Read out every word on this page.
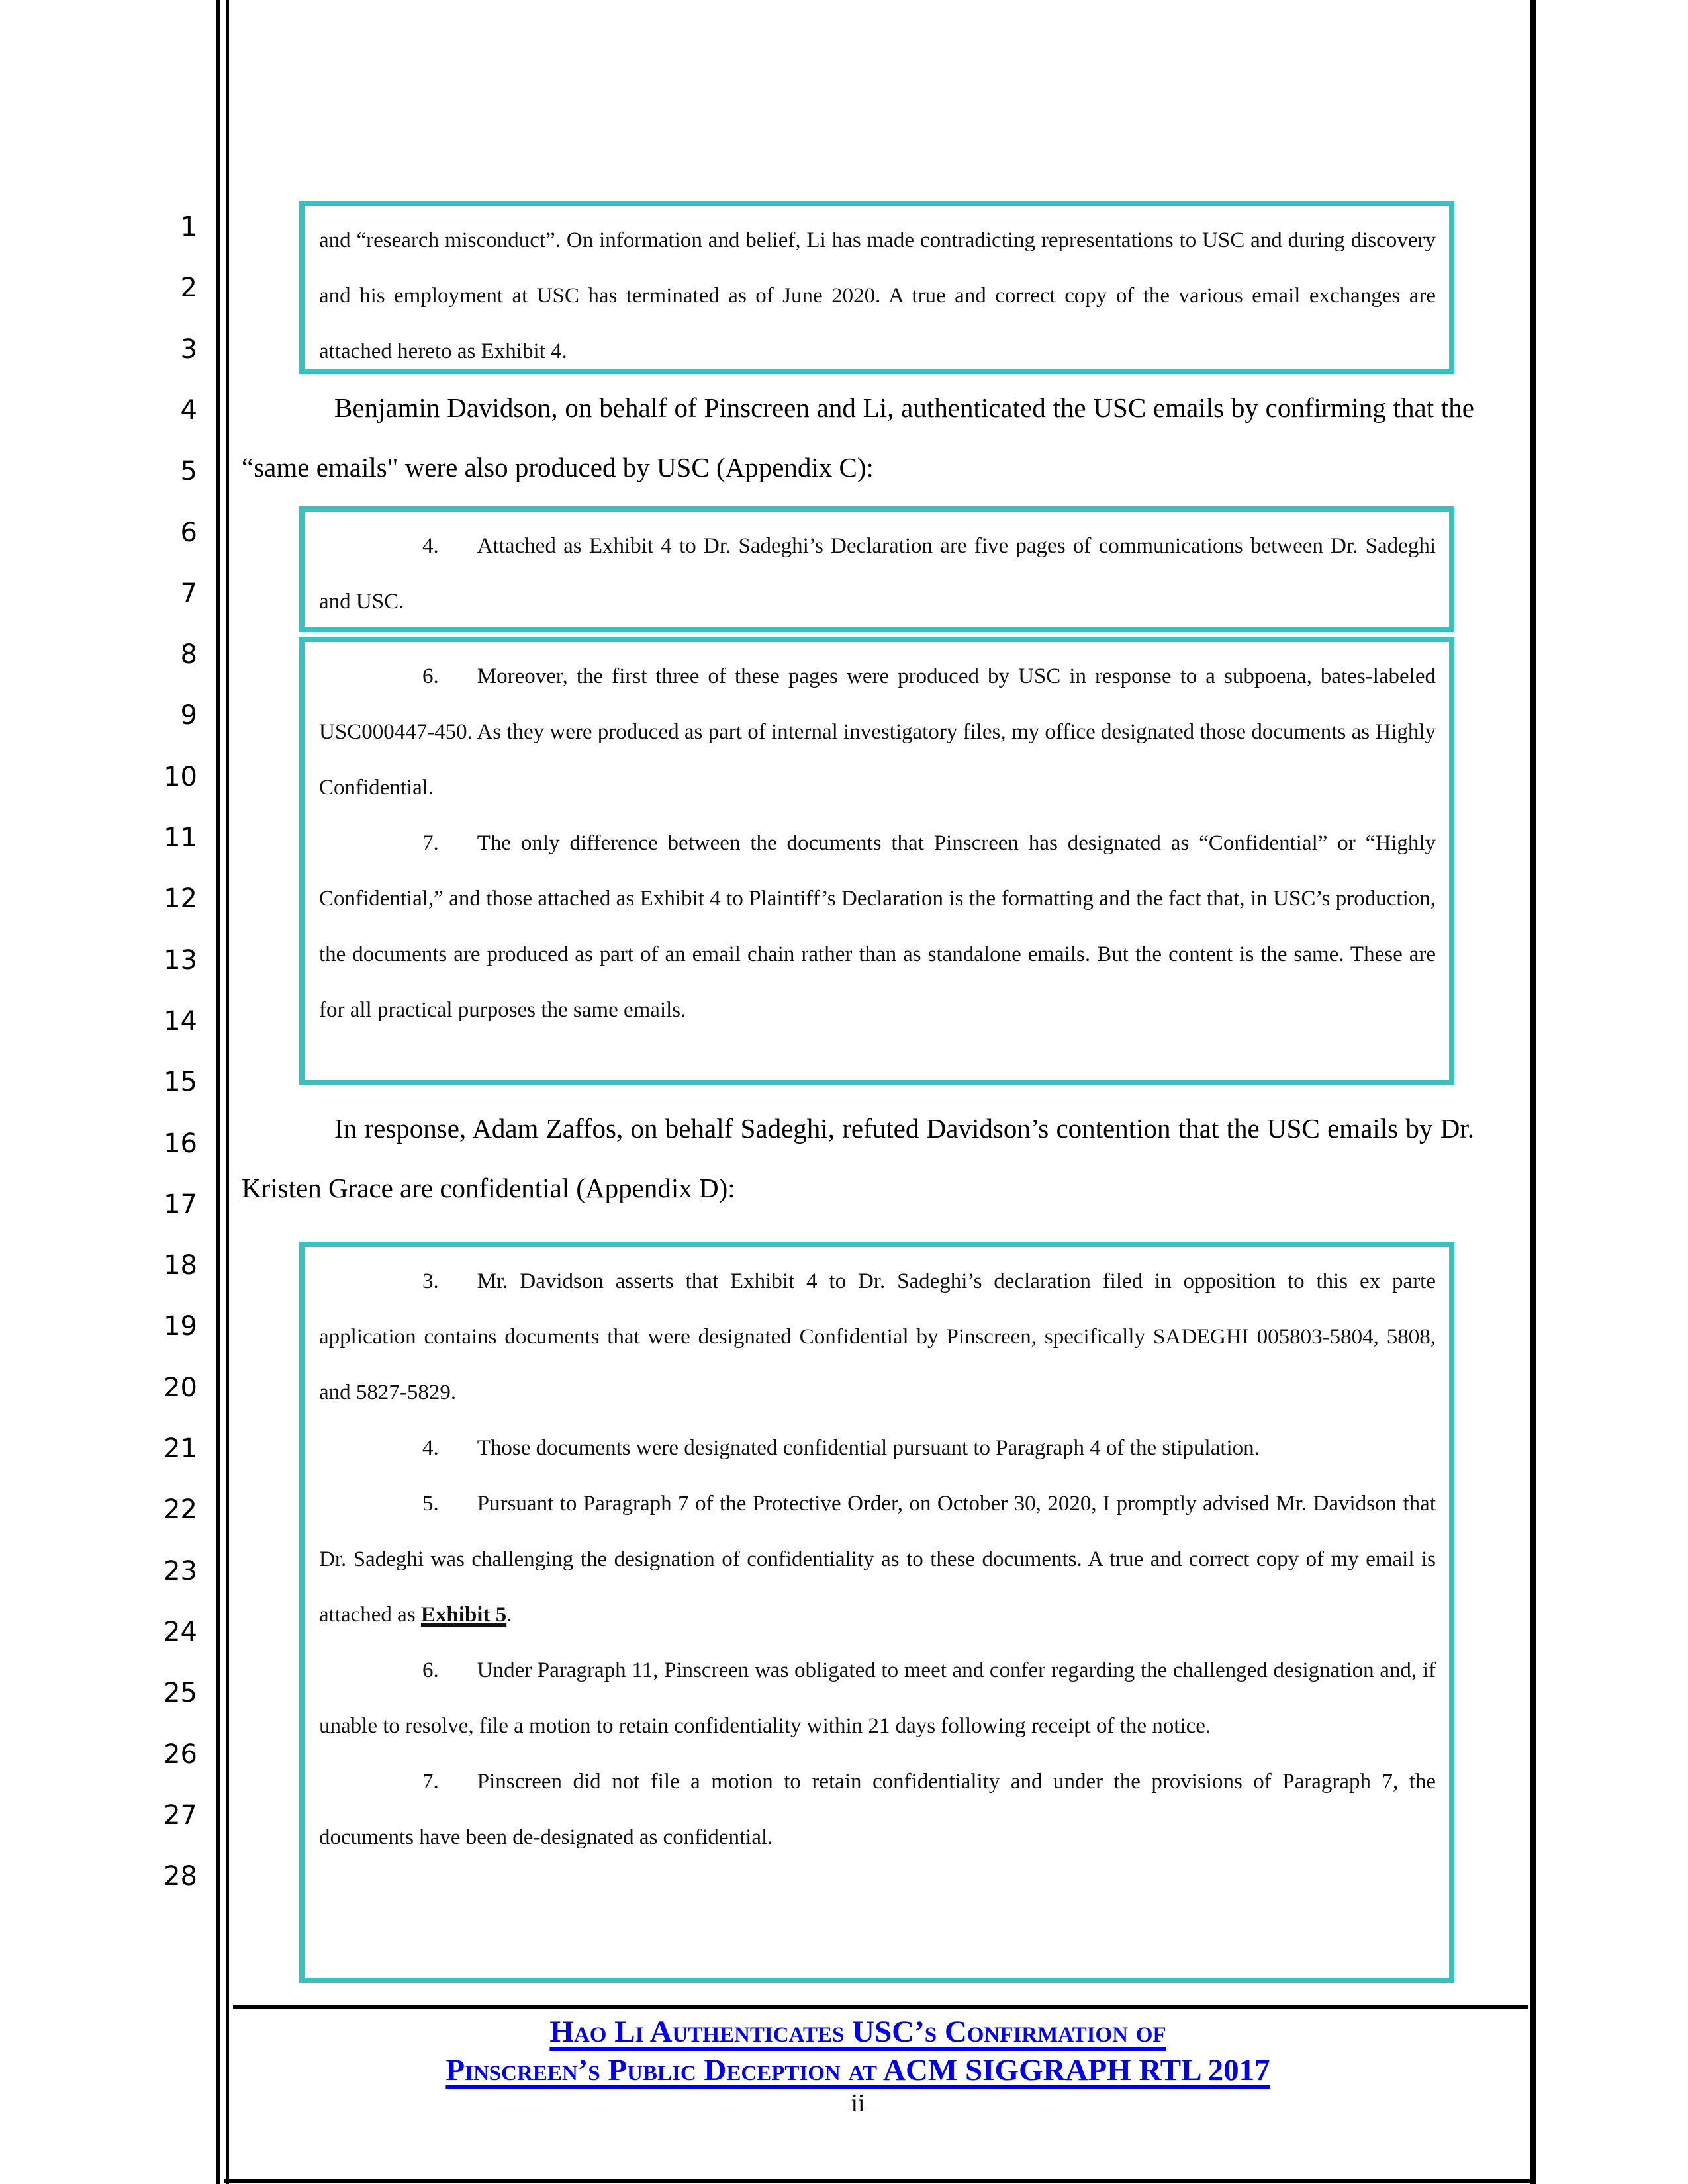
1
2
3
4
5
6
7
8
9
10
11
12
13
14
15
16
17
18
19
20
21
22
23
24
25
26
27
28

and “research misconduct”. On information and belief, Li has made contradicting representations to USC and during discovery and his employment at USC has terminated as of June 2020. A true and correct copy of the various email exchanges are attached hereto as Exhibit 4.

Benjamin Davidson, on behalf of Pinscreen and Li, authenticated the USC emails by confirming that the “same emails" were also produced by USC (Appendix C):

4. Attached as Exhibit 4 to Dr. Sadeghi’s Declaration are five pages of communications between Dr. Sadeghi and USC.

6. Moreover, the first three of these pages were produced by USC in response to a subpoena, bates-labeled USC000447-450. As they were produced as part of internal investigatory files, my office designated those documents as Highly Confidential.

7. The only difference between the documents that Pinscreen has designated as “Confidential” or “Highly Confidential,” and those attached as Exhibit 4 to Plaintiff’s Declaration is the formatting and the fact that, in USC’s production, the documents are produced as part of an email chain rather than as standalone emails. But the content is the same. These are for all practical purposes the same emails.

In response, Adam Zaffos, on behalf Sadeghi, refuted Davidson’s contention that the USC emails by Dr. Kristen Grace are confidential (Appendix D):

3. Mr. Davidson asserts that Exhibit 4 to Dr. Sadeghi’s declaration filed in opposition to this ex parte application contains documents that were designated Confidential by Pinscreen, specifically SADEGHI 005803-5804, 5808, and 5827-5829.

4. Those documents were designated confidential pursuant to Paragraph 4 of the stipulation.

5. Pursuant to Paragraph 7 of the Protective Order, on October 30, 2020, I promptly advised Mr. Davidson that Dr. Sadeghi was challenging the designation of confidentiality as to these documents. A true and correct copy of my email is attached as Exhibit 5.

6. Under Paragraph 11, Pinscreen was obligated to meet and confer regarding the challenged designation and, if unable to resolve, file a motion to retain confidentiality within 21 days following receipt of the notice.

7. Pinscreen did not file a motion to retain confidentiality and under the provisions of Paragraph 7, the documents have been de-designated as confidential.

Hao Li Authenticates USC’s Confirmation of

Pinscreen’s Public Deception at ACM SIGGRAPH RTL 2017

ii
